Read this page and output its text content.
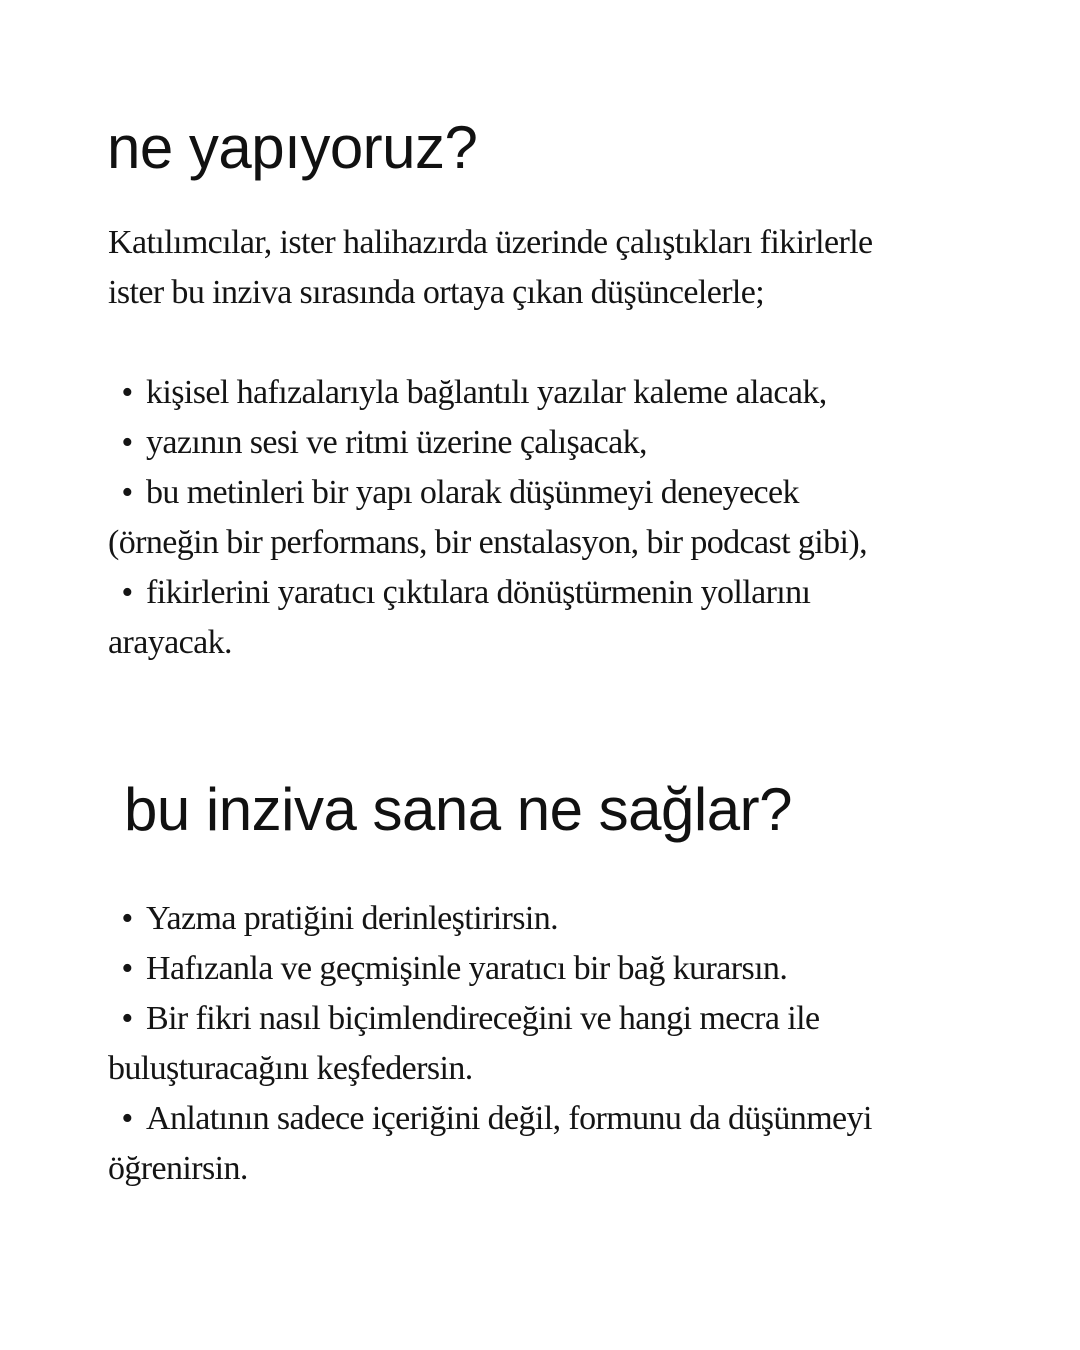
ne yapıyoruz?
Katılımcılar, ister halihazırda üzerinde çalıştıkları fikirlerle
ister bu inziva sırasında ortaya çıkan düşüncelerle;
• kişisel hafızalarıyla bağlantılı yazılar kaleme alacak,
• yazının sesi ve ritmi üzerine çalışacak,
• bu metinleri bir yapı olarak düşünmeyi deneyecek
(örneğin bir performans, bir enstalasyon, bir podcast gibi),
• fikirlerini yaratıcı çıktılara dönüştürmenin yollarını
arayacak.
bu inziva sana ne sağlar?
• Yazma pratiğini derinleştirirsin.
• Hafızanla ve geçmişinle yaratıcı bir bağ kurarsın.
• Bir fikri nasıl biçimlendireceğini ve hangi mecra ile
buluşturacağını keşfedersin.
• Anlatının sadece içeriğini değil, formunu da düşünmeyi
öğrenirsin.
